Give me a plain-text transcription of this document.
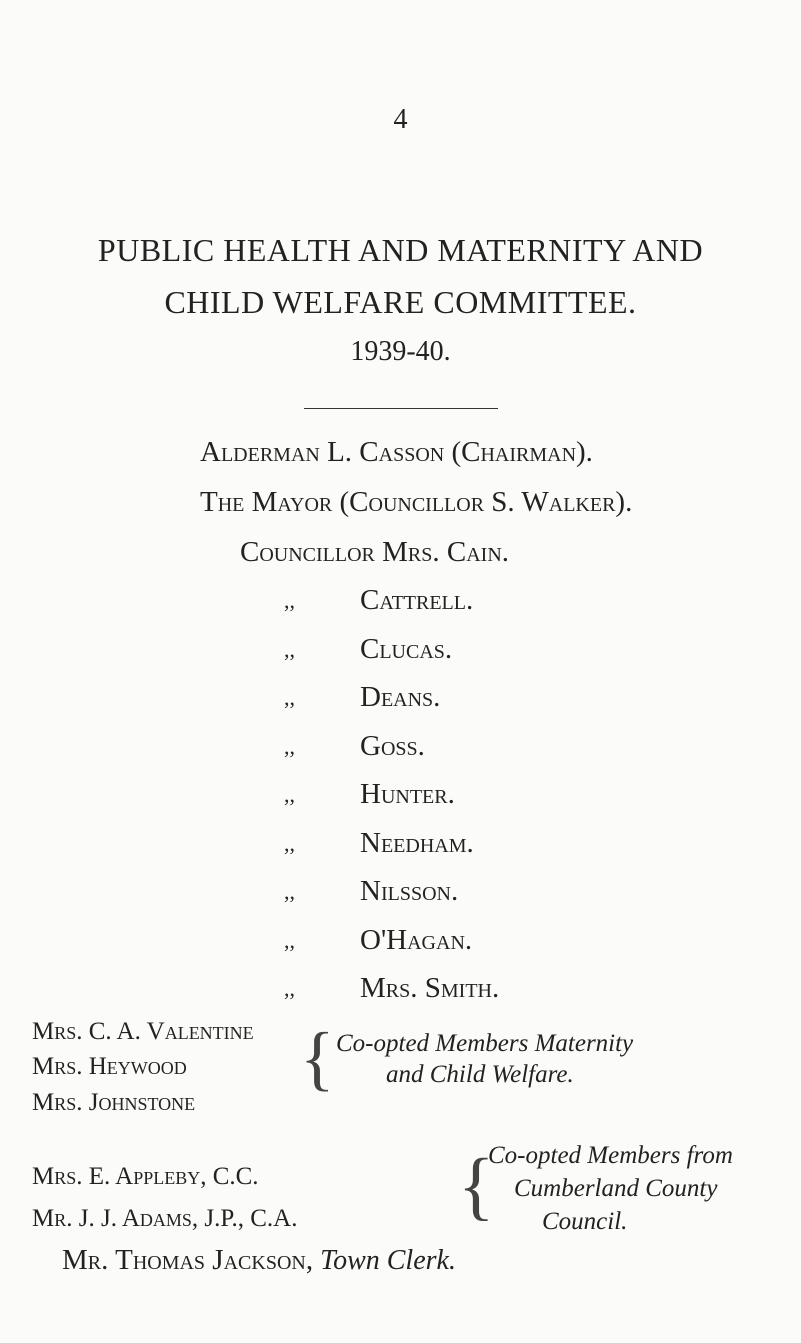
4
PUBLIC HEALTH AND MATERNITY AND
CHILD WELFARE COMMITTEE.
1939-40.
Alderman L. Casson (Chairman).
The Mayor (Councillor S. Walker).
Councillor Mrs. Cain.
,, Cattrell.
,, Clucas.
,, Deans.
,, Goss.
,, Hunter.
,, Needham.
,, Nilsson.
,, O'Hagan.
,, Mrs. Smith.
Mrs. C. A. Valentine
Mrs. Heywood
Mrs. Johnstone
{ Co-opted Members Maternity
and Child Welfare.
Mrs. E. Appleby, C.C.
Mr. J. J. Adams, J.P., C.A. {
Co-opted Members from
Cumberland County
Council.
Mr. Thomas Jackson, Town Clerk.
